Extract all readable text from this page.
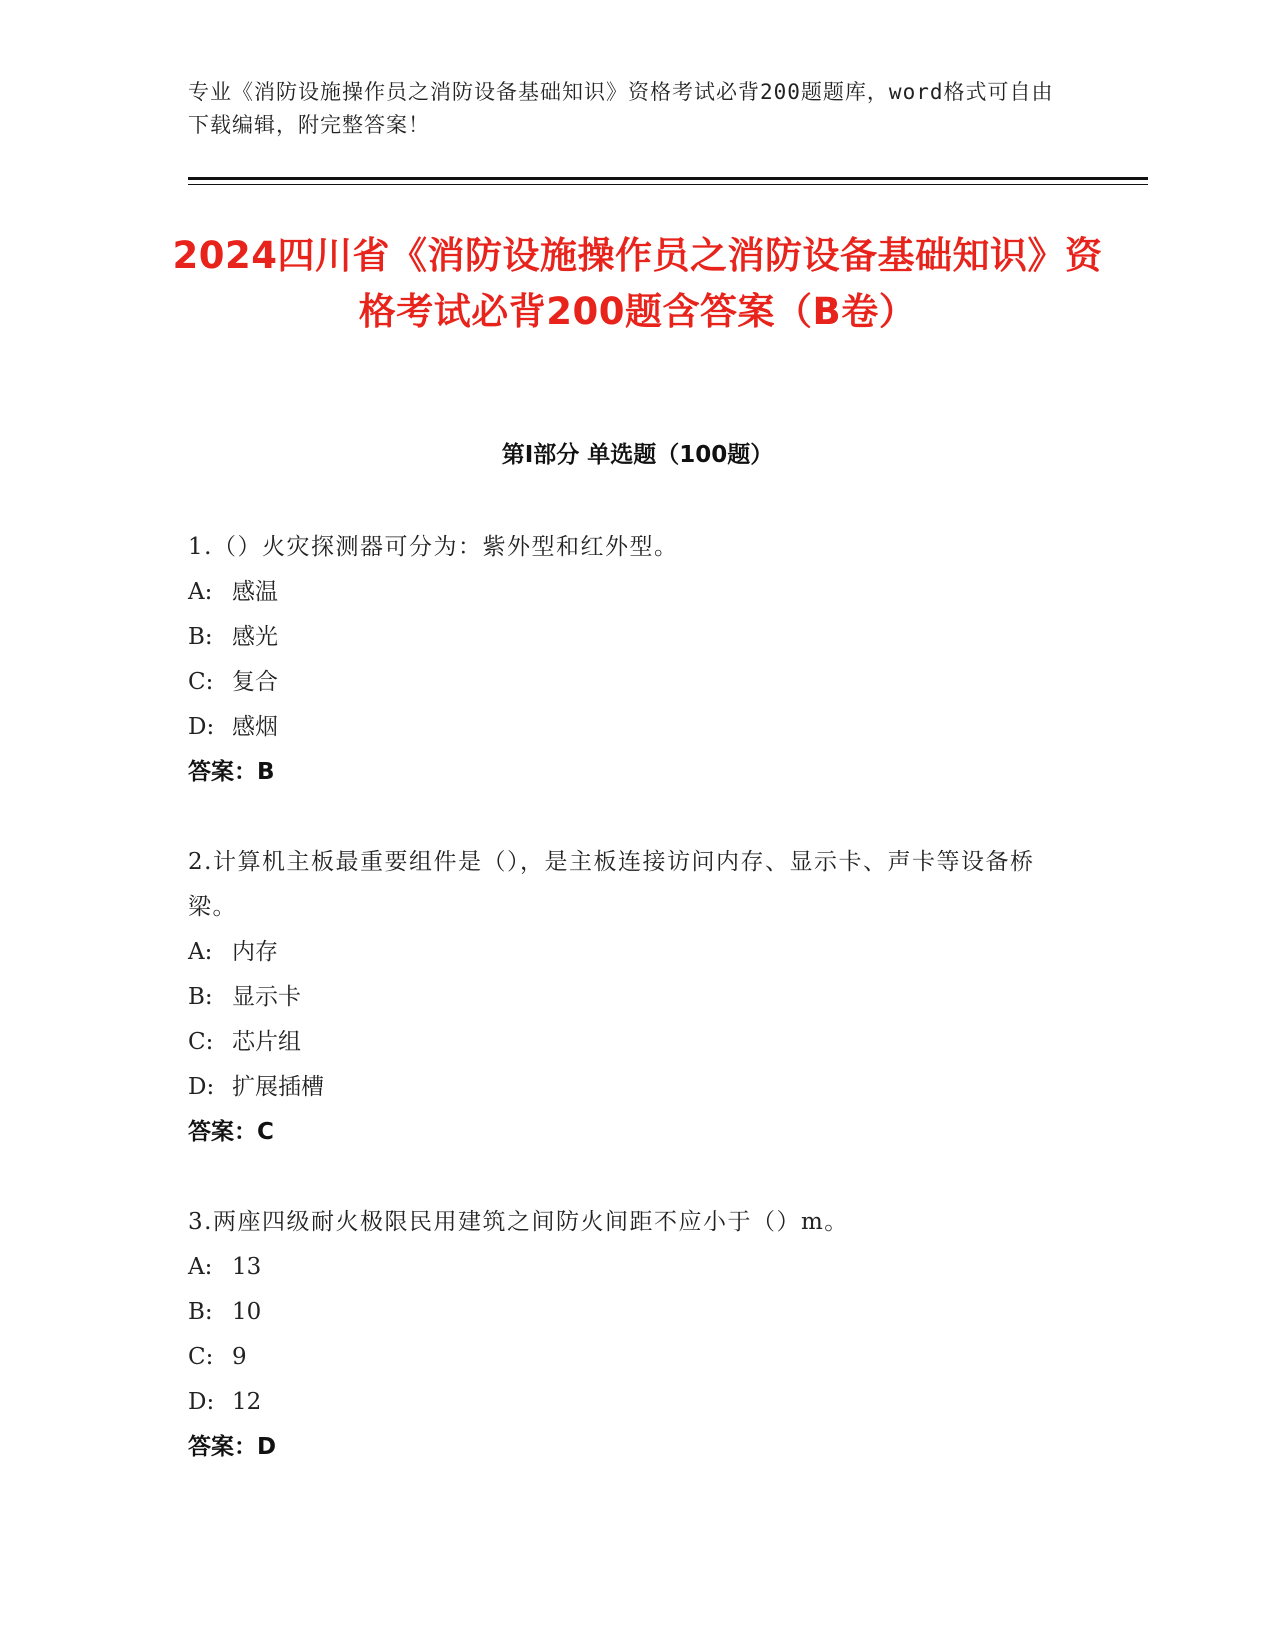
专业《消防设施操作员之消防设备基础知识》资格考试必背200题题库，word格式可自由下载编辑，附完整答案！
2024四川省《消防设施操作员之消防设备基础知识》资格考试必背200题含答案（B卷）
第Ⅰ部分 单选题（100题）
1.（）火灾探测器可分为：紫外型和红外型。
A: 感温
B: 感光
C: 复合
D: 感烟
答案：B
2.计算机主板最重要组件是（），是主板连接访问内存、显示卡、声卡等设备桥梁。
A: 内存
B: 显示卡
C: 芯片组
D: 扩展插槽
答案：C
3.两座四级耐火极限民用建筑之间防火间距不应小于（）m。
A: 13
B: 10
C: 9
D: 12
答案：D
